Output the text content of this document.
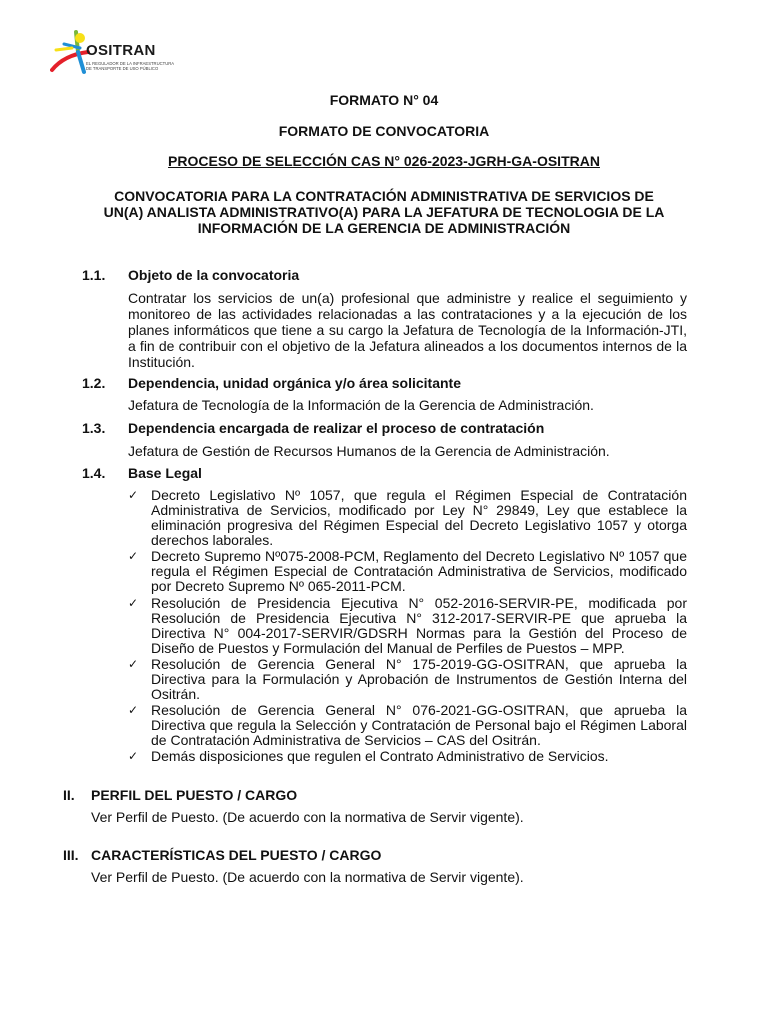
OSITRAN
EL REGULADOR DE LA INFRAESTRUCTURA DE TRANSPORTE DE USO PÚBLICO
FORMATO N° 04
FORMATO DE CONVOCATORIA
PROCESO DE SELECCIÓN CAS N° 026-2023-JGRH-GA-OSITRAN
CONVOCATORIA PARA LA CONTRATACIÓN ADMINISTRATIVA DE SERVICIOS DE
UN(A) ANALISTA ADMINISTRATIVO(A) PARA LA JEFATURA DE TECNOLOGIA DE LA
INFORMACIÓN DE LA GERENCIA DE ADMINISTRACIÓN
1.1.	Objeto de la convocatoria
Contratar los servicios de un(a) profesional que administre y realice el seguimiento y monitoreo de las actividades relacionadas a las contrataciones y a la ejecución de los planes informáticos que tiene a su cargo la Jefatura de Tecnología de la Información-JTI, a fin de contribuir con el objetivo de la Jefatura alineados a los documentos internos de la Institución.
1.2.	Dependencia, unidad orgánica y/o área solicitante
Jefatura de Tecnología de la Información de la Gerencia de Administración.
1.3.	Dependencia encargada de realizar el proceso de contratación
Jefatura de Gestión de Recursos Humanos de la Gerencia de Administración.
1.4.	Base Legal
✓ Decreto Legislativo Nº 1057, que regula el Régimen Especial de Contratación Administrativa de Servicios, modificado por Ley N° 29849, Ley que establece la eliminación progresiva del Régimen Especial del Decreto Legislativo 1057 y otorga derechos laborales.
✓ Decreto Supremo Nº075-2008-PCM, Reglamento del Decreto Legislativo Nº 1057 que regula el Régimen Especial de Contratación Administrativa de Servicios, modificado por Decreto Supremo Nº 065-2011-PCM.
✓ Resolución de Presidencia Ejecutiva N° 052-2016-SERVIR-PE, modificada por Resolución de Presidencia Ejecutiva N° 312-2017-SERVIR-PE que aprueba la Directiva N° 004-2017-SERVIR/GDSRH Normas para la Gestión del Proceso de Diseño de Puestos y Formulación del Manual de Perfiles de Puestos – MPP.
✓ Resolución de Gerencia General N° 175-2019-GG-OSITRAN, que aprueba la Directiva para la Formulación y Aprobación de Instrumentos de Gestión Interna del Ositrán.
✓ Resolución de Gerencia General N° 076-2021-GG-OSITRAN, que aprueba la Directiva que regula la Selección y Contratación de Personal bajo el Régimen Laboral de Contratación Administrativa de Servicios – CAS del Ositrán.
✓ Demás disposiciones que regulen el Contrato Administrativo de Servicios.
II. PERFIL DEL PUESTO / CARGO
Ver Perfil de Puesto. (De acuerdo con la normativa de Servir vigente).
III. CARACTERÍSTICAS DEL PUESTO / CARGO
Ver Perfil de Puesto. (De acuerdo con la normativa de Servir vigente).
